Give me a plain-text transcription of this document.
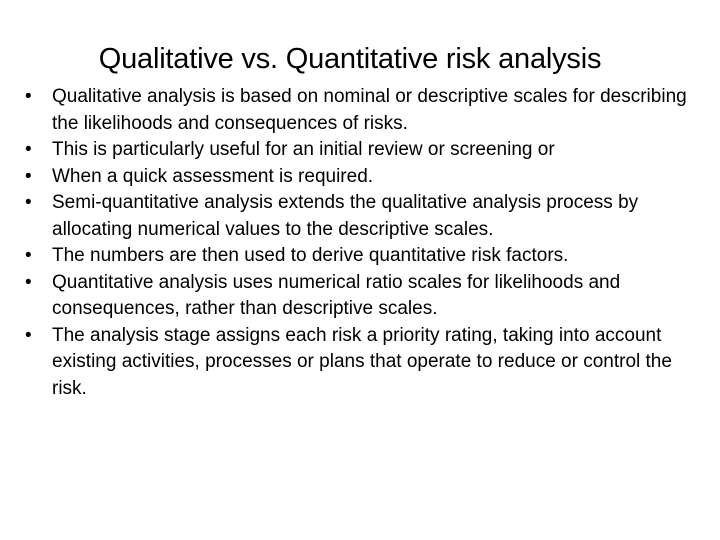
Qualitative vs. Quantitative risk analysis
•	Qualitative analysis is based on nominal or descriptive scales for describing the likelihoods and consequences of risks.
•	This is particularly useful for an initial review or screening or
•	When a quick assessment is required.
•	Semi-quantitative analysis extends the qualitative analysis process by allocating numerical values to the descriptive scales.
•	The numbers are then used to derive quantitative risk factors.
•	Quantitative analysis uses numerical ratio scales for likelihoods and consequences, rather than descriptive scales.
•	The analysis stage assigns each risk a priority rating, taking into account existing activities, processes or plans that operate to reduce or control the risk.
